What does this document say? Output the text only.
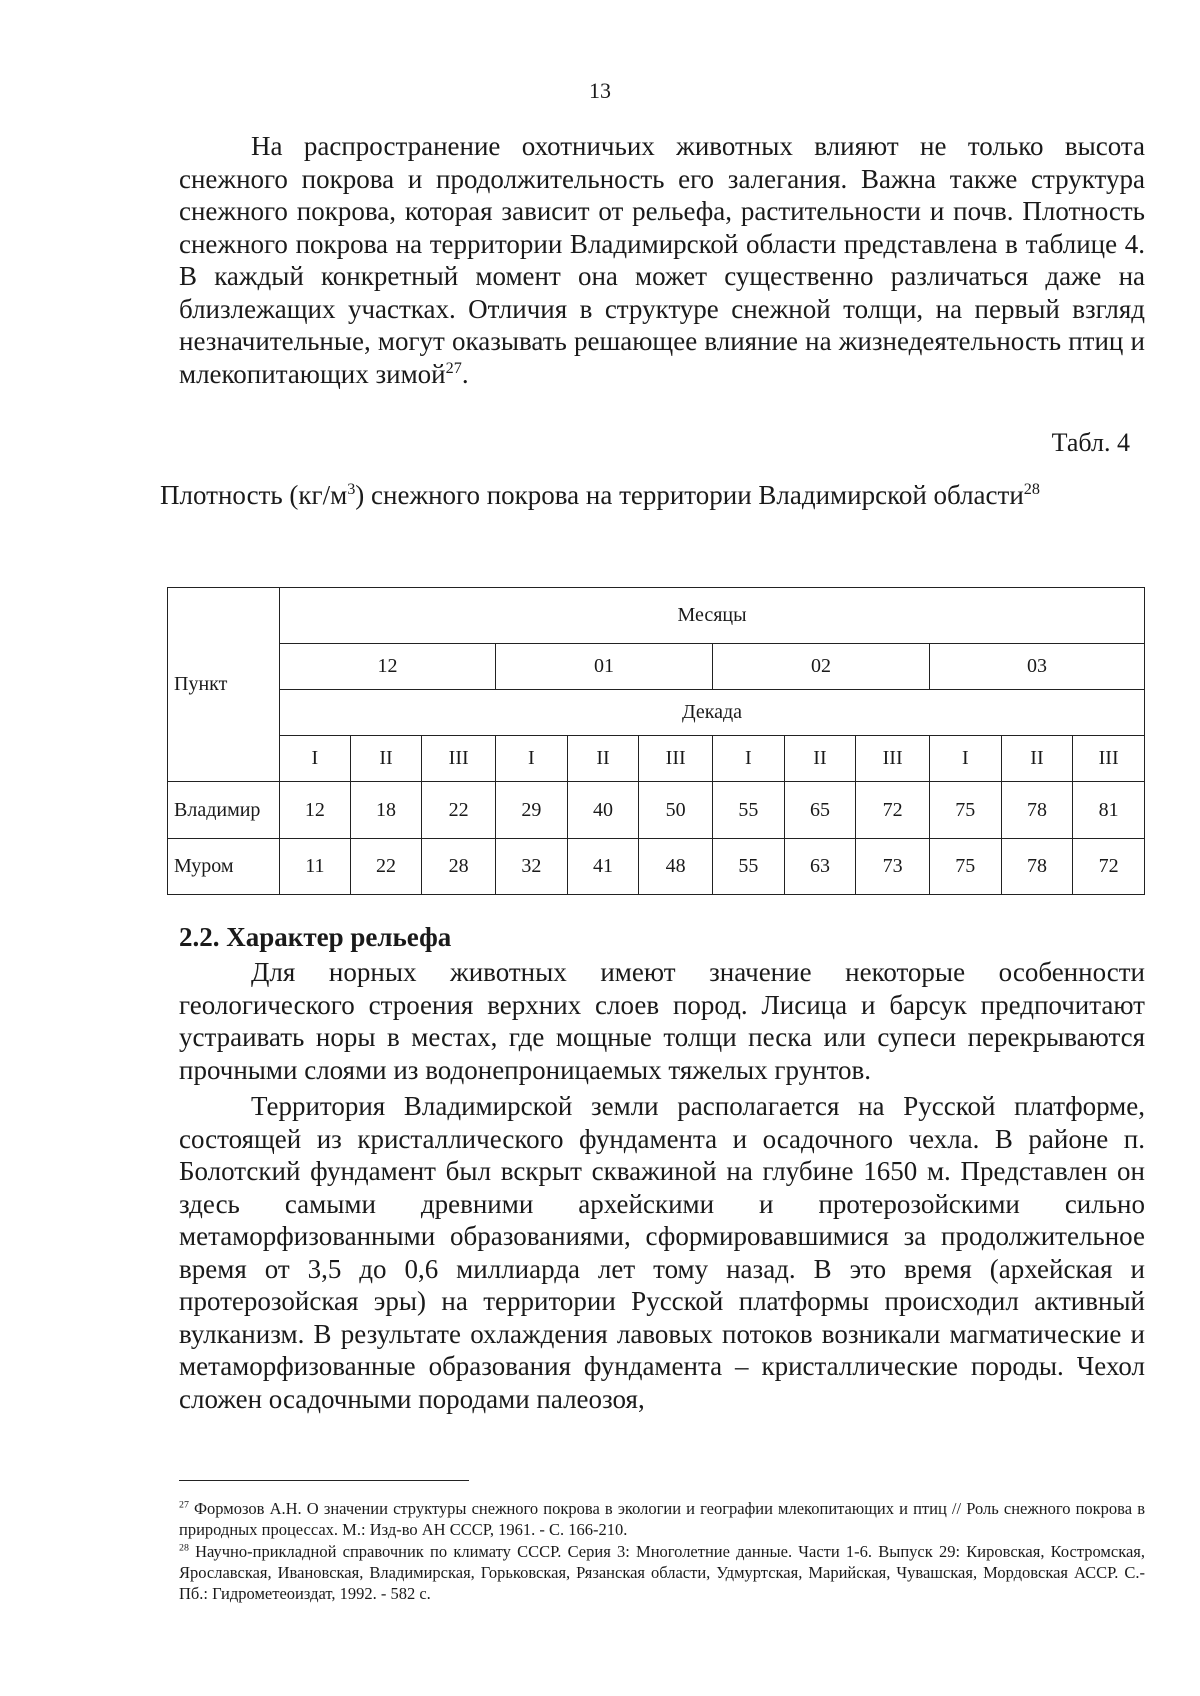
13

На распространение охотничьих животных влияют не только высота снежного покрова и продолжительность его залегания. Важна также структура снежного покрова, которая зависит от рельефа, растительности и почв. Плотность снежного покрова на территории Владимирской области представлена в таблице 4. В каждый конкретный момент она может существенно различаться даже на близлежащих участках. Отличия в структуре снежной толщи, на первый взгляд незначительные, могут оказывать решающее влияние на жизнедеятельность птиц и млекопитающих зимой$^{27}$.

Табл. 4
Плотность $(кг/м^3)$ снежного покрова на территории Владимирской области$^{28}$
Пункт	Месяцы											
	12			01			02			03		
	Декада											
	I	II	III	I	II	III	I	II	III	I	II	III
Владимир	12	18	22	29	40	50	55	65	72	75	78	81
Муром	11	22	28	32	41	48	55	63	73	75	78	72
2.2. Характер рельефа

Для норных животных имеют значение некоторые особенности геологического строения верхних слоев пород. Лисица и барсук предпочитают устраивать норы в местах, где мощные толщи песка или супеси перекрываются прочными слоями из водонепроницаемых тяжелых грунтов.

Территория Владимирской земли располагается на Русской платформе, состоящей из кристаллического фундамента и осадочного чехла. В районе п. Болотский фундамент был вскрыт скважиной на глубине 1650 м. Представлен он здесь самыми древними архейскими и протерозойскими сильно метаморфизованными образованиями, сформировавшимися за продолжительное время от 3,5 до 0,6 миллиарда лет тому назад. В это время (архейская и протерозойская эры) на территории Русской платформы происходил активный вулканизм. В результате охлаждения лавовых потоков возникали магматические и метаморфизованные образования фундамента – кристаллические породы. Чехол сложен осадочными породами палеозоя,

$^{27}$ Формозов А.Н. О значении структуры снежного покрова в экологии и географии млекопитающих и птиц // Роль снежного покрова в природных процессах. М.: Изд-во АН СССР, 1961. - С. 166-210.

$^{28}$ Научно-прикладной справочник по климату СССР. Серия 3: Многолетние данные. Части 1-6. Выпуск 29: Кировская, Костромская, Ярославская, Ивановская, Владимирская, Горьковская, Рязанская области, Удмуртская, Марийская, Чувашская, Мордовская АССР. С.-Пб.: Гидрометеоиздат, 1992. - 582 с.
